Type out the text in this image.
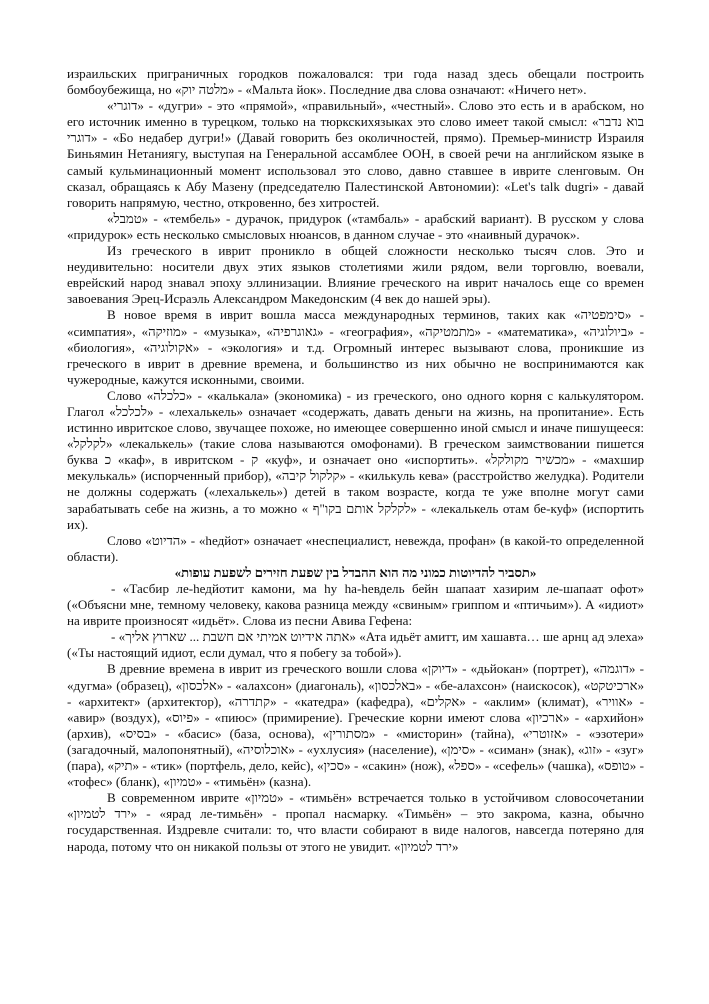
израильских приграничных городков пожаловался: три года назад здесь обещали построить бомбоубежища, но «מלטה יוק» - «Мальта йок». Последние два слова означают: «Ничего нет».

«דוגרי» - «дугри» - это «прямой», «правильный», «честный». Слово это есть и в арабском, но его источник именно в турецком, только на тюркскихязыках это слово имеет такой смысл: «בוא נדבר דוגרי» - «Бо недабер дугри!» (Давай говорить без околичностей, прямо). Премьер-министр Израиля Биньямин Нетаниягу, выступая на Генеральной ассамблее ООН, в своей речи на английском языке в самый кульминационный момент использовал это слово, давно ставшее в иврите сленговым. Он сказал, обращаясь к Абу Мазену (председателю Палестинской Автономии): «Let's talk dugri» - давай говорить напрямую, честно, откровенно, без хитростей.

«טמבל» - «тембель» - дурачок, придурок («тамбаль» - арабский вариант). В русском у слова «придурок» есть несколько смысловых нюансов, в данном случае - это «наивный дурачок».

Из греческого в иврит проникло в общей сложности несколько тысяч слов. Это и неудивительно: носители двух этих языков столетиями жили рядом, вели торговлю, воевали, еврейский народ знавал эпоху эллинизации. Влияние греческого на иврит началось еще со времен завоевания Эрец-Исраэль Александром Македонским (4 век до нашей эры).

В новое время в иврит вошла масса международных терминов, таких как «סימפטיה» - «симпатия», «מוזיקה» - «музыка», «גאוגרפיה» - «география», «מתמטיקה» - «математика», «ביולוגיה» - «биология», «אקולוגיה» - «экология» и т.д. Огромный интерес вызывают слова, проникшие из греческого в иврит в древние времена, и большинство из них обычно не воспринимаются как чужеродные, кажутся исконными, своими.

Слово «כלכלה» - «калькала» (экономика) - из греческого, оно одного корня с калькулятором. Глагол «לכלכל» - «лехалькель» означает «содержать, давать деньги на жизнь, на пропитание». Есть истинно ивритское слово, звучащее похоже, но имеющее совершенно иной смысл и иначе пишущееся: «לקלקל» «лекалькель» (такие слова называются омофонами). В греческом заимствовании пишется буква כ «каф», в ивритском - ק «куф», и означает оно «испортить». «מכשיר מקולקל» - «махшир мекулькаль» (испорченный прибор), «קלקול קיבה» - «килькуль кева» (расстройство желудка). Родители не должны содержать («лехалькель») детей в таком возрасте, когда те уже вполне могут сами зарабатывать себе на жизнь, а то можно « לקלקל אותם בקו"ף» - «лекалькель отам бе-куф» (испортить их).

Слово «הדיוט» - «hедйот» означает «неспециалист, невежда, профан» (в какой-то определенной области).

«תסביר להדיוטות כמוני מה הוא ההבדל בין שפעת חזירים לשפעת עופות»

- «Тасбир ле-hедйотит камони, ма hу ha-hевдель бейн шапаат хазирим ле-шапаат офот» («Объясни мне, темному человеку, какова разница между «свиным» гриппом и «птичьим»). А «идиот» на иврите произносят «идьёт». Слова из песни Авива Гефена:

- «אתה אידיוט אמיתי אם חשבת ... שארוץ אליך» «Ата идьёт амитт, им хашавта… ше арнц ад элеха» («Ты настоящий идиот, если думал, что я побегу за тобой»).

В древние времена в иврит из греческого вошли слова «דיוקן» - «дьйокан» (портрет), «דוגמה» - «дугма» (образец), «אלכסון» - «алахсон» (диагональ), «באלכסון» - «бе-алахсон» (наискосок), «ארכיטקט» - «архитект» (архитектор), «קתדרה» - «катедра» (кафедра), «אקלים» - «аклим» (климат), «אוויר» - «авир» (воздух), «פיוס» - «пиюс» (примирение). Греческие корни имеют слова «ארכיון» - «архийон» (архив), «בסיס» - «басис» (база, основа), «מסתורין» - «мисторин» (тайна), «אזוטרי» - «эзотери» (загадочный, малопонятный), «אוכלוסיה» - «ухлусия» (население), «סימן» - «симан» (знак), «זוג» - «зуг» (пара), «תיק» - «тик» (портфель, дело, кейс), «סכין» - «сакин» (нож), «ספל» - «сефель» (чашка), «טופס» - «тофес» (бланк), «טמיון» - «тимьён» (казна).

В современном иврите «טמיון» - «тимьён» встречается только в устойчивом словосочетании «ירד לטמיון» - «ярад ле-тимьён» - пропал насмарку. «Тимьён» – это закрома, казна, обычно государственная. Издревле считали: то, что власти собирают в виде налогов, навсегда потеряно для народа, потому что он никакой пользы от этого не увидит. «ירד לטמיון»
